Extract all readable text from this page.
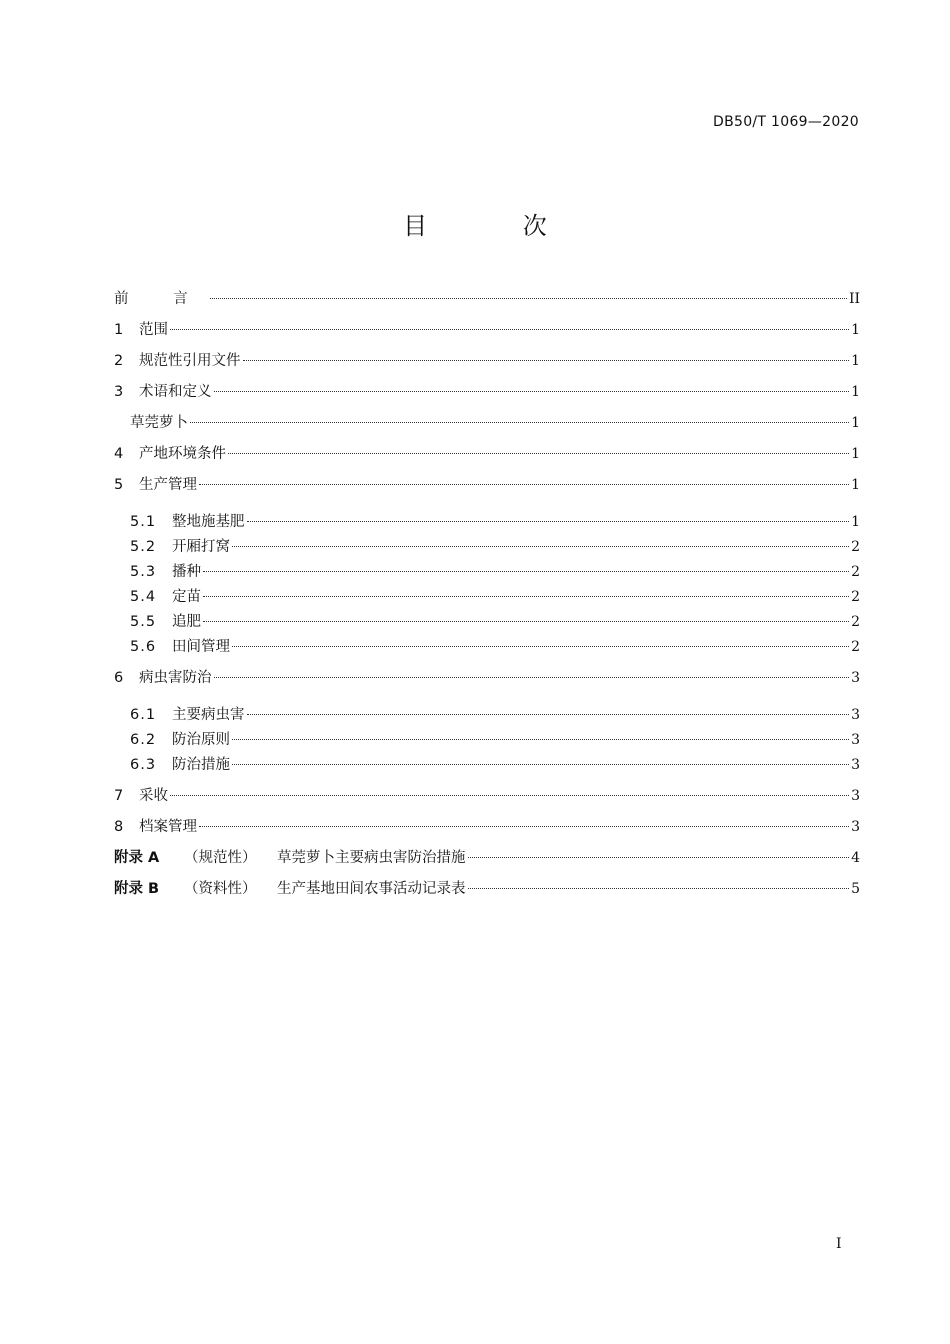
DB50/T 1069—2020
目 次
前 言	II
1	范围	1
2	规范性引用文件	1
3	术语和定义	1
草莞萝卜	1
4	产地环境条件	1
5	生产管理	1
5.1	整地施基肥	1
5.2	开厢打窝	2
5.3	播种	2
5.4	定苗	2
5.5	追肥	2
5.6	田间管理	2
6	病虫害防治	3
6.1	主要病虫害	3
6.2	防治原则	3
6.3	防治措施	3
7	采收	3
8	档案管理	3
附录 A	（规范性）	草莞萝卜主要病虫害防治措施	4
附录 B	（资料性）	生产基地田间农事活动记录表	5
I
